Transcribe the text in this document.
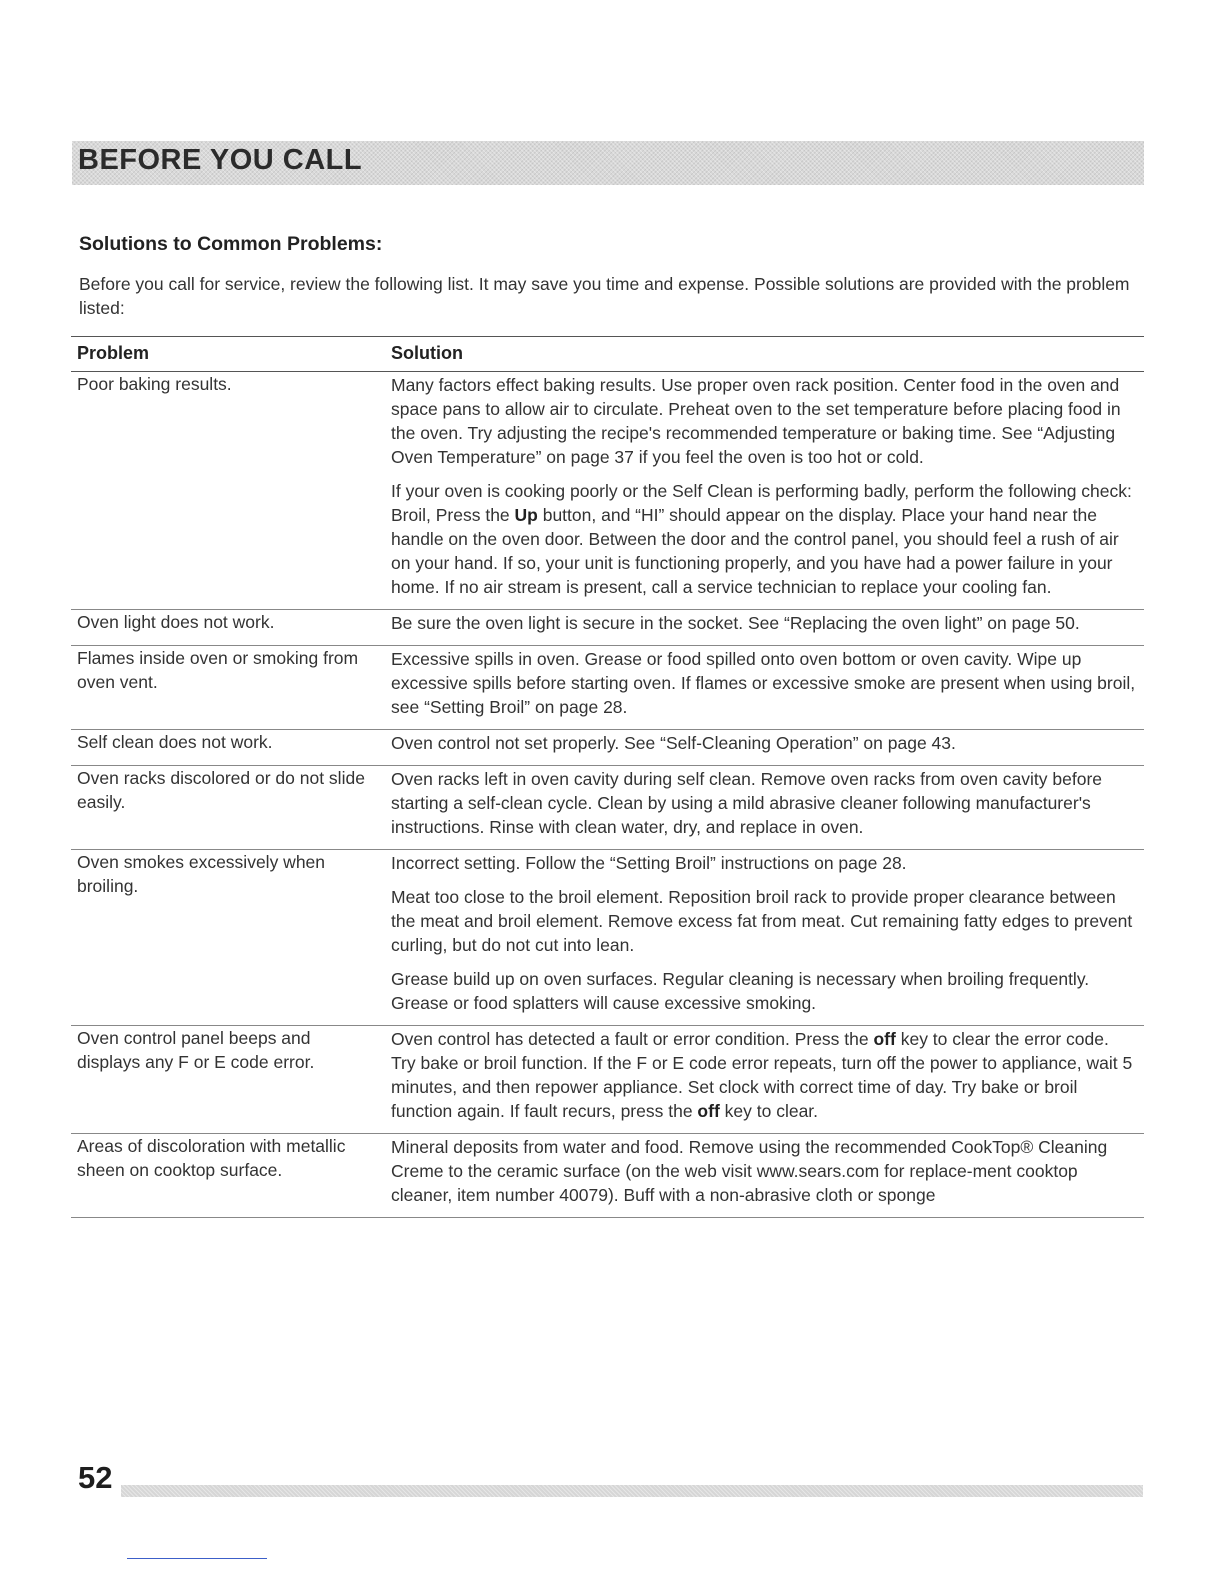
BEFORE YOU CALL
Solutions to Common Problems:
Before you call for service, review the following list. It may save you time and expense. Possible solutions are provided with the problem listed:
Problem	Solution
Poor baking results.	Many factors effect baking results. Use proper oven rack position. Center food in the oven and space pans to allow air to circulate. Preheat oven to the set temperature before placing food in the oven. Try adjusting the recipe's recommended temperature or baking time. See “Adjusting Oven Temperature” on page 37 if you feel the oven is too hot or cold.

If your oven is cooking poorly or the Self Clean is performing badly, perform the following check: Broil, Press the Up button, and “HI” should appear on the display. Place your hand near the handle on the oven door. Between the door and the control panel, you should feel a rush of air on your hand. If so, your unit is functioning properly, and you have had a power failure in your home. If no air stream is present, call a service technician to replace your cooling fan.

Oven light does not work.	Be sure the oven light is secure in the socket. See “Replacing the oven light” on page 50.

Flames inside oven or smoking from oven vent.	Excessive spills in oven. Grease or food spilled onto oven bottom or oven cavity. Wipe up excessive spills before starting oven. If flames or excessive smoke are present when using broil, see “Setting Broil” on page 28.

Self clean does not work.	Oven control not set properly. See “Self-Cleaning Operation” on page 43.

Oven racks discolored or do not slide easily.	Oven racks left in oven cavity during self clean. Remove oven racks from oven cavity before starting a self-clean cycle. Clean by using a mild abrasive cleaner following manufacturer's instructions. Rinse with clean water, dry, and replace in oven.

Oven smokes excessively when broiling.	Incorrect setting. Follow the “Setting Broil” instructions on page 28.

Meat too close to the broil element. Reposition broil rack to provide proper clearance between the meat and broil element. Remove excess fat from meat. Cut remaining fatty edges to prevent curling, but do not cut into lean.

Grease build up on oven surfaces. Regular cleaning is necessary when broiling frequently. Grease or food splatters will cause excessive smoking.

Oven control panel beeps and displays any F or E code error.	Oven control has detected a fault or error condition. Press the off key to clear the error code. Try bake or broil function. If the F or E code error repeats, turn off the power to appliance, wait 5 minutes, and then repower appliance. Set clock with correct time of day. Try bake or broil function again. If fault recurs, press the off key to clear.

Areas of discoloration with metallic sheen on cooktop surface.	Mineral deposits from water and food. Remove using the recommended CookTop® Cleaning Creme to the ceramic surface (on the web visit www.sears.com for replace-ment cooktop cleaner, item number 40079). Buff with a non-abrasive cloth or sponge

52
